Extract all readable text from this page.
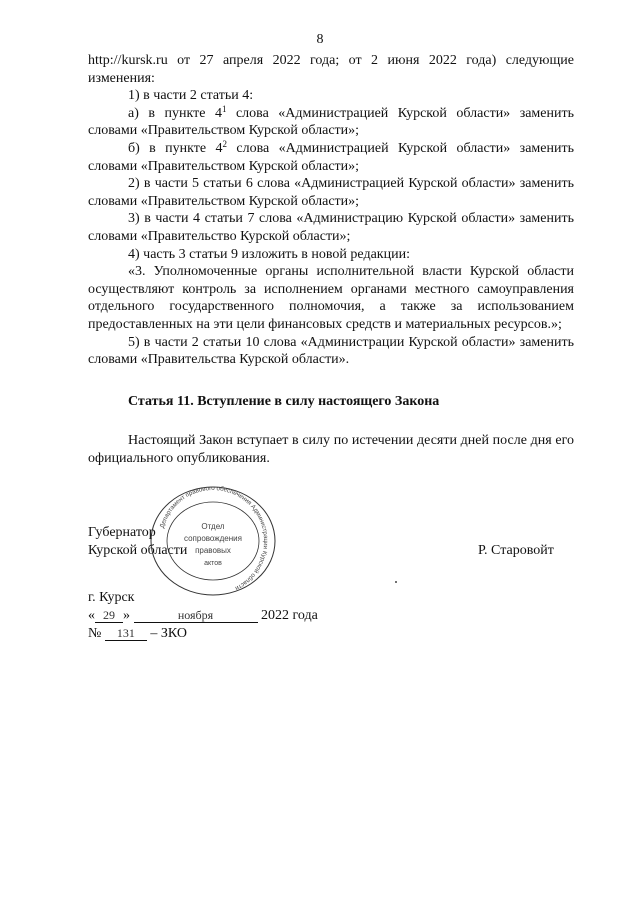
8

http://kursk.ru от 27 апреля 2022 года; от 2 июня 2022 года) следующие изменения:

1) в части 2 статьи 4:

а) в пункте $4^1$ слова «Администрацией Курской области» заменить словами «Правительством Курской области»;

б) в пункте $4^2$ слова «Администрацией Курской области» заменить словами «Правительством Курской области»;

2) в части 5 статьи 6 слова «Администрацией Курской области» заменить словами «Правительством Курской области»;

3) в части 4 статьи 7 слова «Администрацию Курской области» заменить словами «Правительство Курской области»;

4) часть 3 статьи 9 изложить в новой редакции:

«3. Уполномоченные органы исполнительной власти Курской области осуществляют контроль за исполнением органами местного самоуправления отдельного государственного полномочия, а также за использованием предоставленных на эти цели финансовых средств и материальных ресурсов.»;

5) в части 2 статьи 10 слова «Администрации Курской области» заменить словами «Правительства Курской области».

Статья 11. Вступление в силу настоящего Закона

Настоящий Закон вступает в силу по истечении десяти дней после дня его официального опубликования.

Губернатор
Курской области	Р. Старовойт
Департамент правового обеспечения Администрации Курской области
Отдел
сопровождения
правовых
актов
г. Курск
« 29 »	ноября	2022 года
№ 131 – ЗКО
